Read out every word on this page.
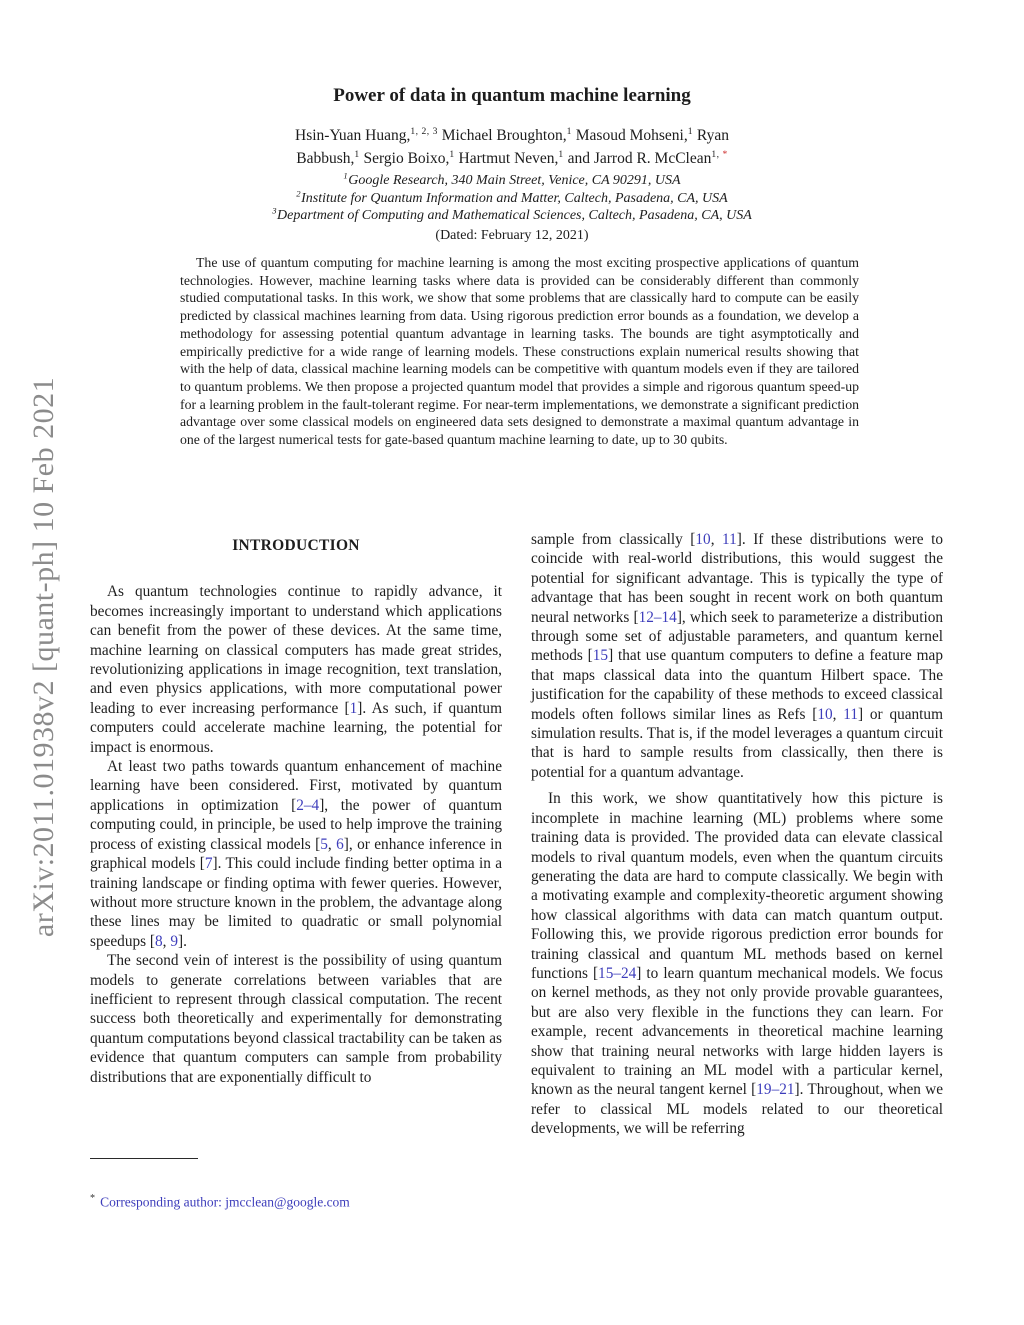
arXiv:2011.01938v2 [quant-ph] 10 Feb 2021
Power of data in quantum machine learning
Hsin-Yuan Huang,$^{1, 2, 3}$ Michael Broughton,$^1$ Masoud Mohseni,$^1$ Ryan
Babbush,$^1$ Sergio Boixo,$^1$ Hartmut Neven,$^1$ and Jarrod R. McClean$^{1, *}$
$^1$Google Research, 340 Main Street, Venice, CA 90291, USA
$^2$Institute for Quantum Information and Matter, Caltech, Pasadena, CA, USA
$^3$Department of Computing and Mathematical Sciences, Caltech, Pasadena, CA, USA
(Dated: February 12, 2021)
The use of quantum computing for machine learning is among the most exciting prospective applications of quantum technologies. However, machine learning tasks where data is provided can be considerably different than commonly studied computational tasks. In this work, we show that some problems that are classically hard to compute can be easily predicted by classical machines learning from data. Using rigorous prediction error bounds as a foundation, we develop a methodology for assessing potential quantum advantage in learning tasks. The bounds are tight asymptotically and empirically predictive for a wide range of learning models. These constructions explain numerical results showing that with the help of data, classical machine learning models can be competitive with quantum models even if they are tailored to quantum problems. We then propose a projected quantum model that provides a simple and rigorous quantum speed-up for a learning problem in the fault-tolerant regime. For near-term implementations, we demonstrate a significant prediction advantage over some classical models on engineered data sets designed to demonstrate a maximal quantum advantage in one of the largest numerical tests for gate-based quantum machine learning to date, up to 30 qubits.
INTRODUCTION

As quantum technologies continue to rapidly advance, it becomes increasingly important to understand which applications can benefit from the power of these devices. At the same time, machine learning on classical computers has made great strides, revolutionizing applications in image recognition, text translation, and even physics applications, with more computational power leading to ever increasing performance [1]. As such, if quantum computers could accelerate machine learning, the potential for impact is enormous.

At least two paths towards quantum enhancement of machine learning have been considered. First, motivated by quantum applications in optimization [2–4], the power of quantum computing could, in principle, be used to help improve the training process of existing classical models [5, 6], or enhance inference in graphical models [7]. This could include finding better optima in a training landscape or finding optima with fewer queries. However, without more structure known in the problem, the advantage along these lines may be limited to quadratic or small polynomial speedups [8, 9].

The second vein of interest is the possibility of using quantum models to generate correlations between variables that are inefficient to represent through classical computation. The recent success both theoretically and experimentally for demonstrating quantum computations beyond classical tractability can be taken as evidence that quantum computers can sample from probability distributions that are exponentially difficult to

sample from classically [10, 11]. If these distributions were to coincide with real-world distributions, this would suggest the potential for significant advantage. This is typically the type of advantage that has been sought in recent work on both quantum neural networks [12–14], which seek to parameterize a distribution through some set of adjustable parameters, and quantum kernel methods [15] that use quantum computers to define a feature map that maps classical data into the quantum Hilbert space. The justification for the capability of these methods to exceed classical models often follows similar lines as Refs [10, 11] or quantum simulation results. That is, if the model leverages a quantum circuit that is hard to sample results from classically, then there is potential for a quantum advantage.

In this work, we show quantitatively how this picture is incomplete in machine learning (ML) problems where some training data is provided. The provided data can elevate classical models to rival quantum models, even when the quantum circuits generating the data are hard to compute classically. We begin with a motivating example and complexity-theoretic argument showing how classical algorithms with data can match quantum output. Following this, we provide rigorous prediction error bounds for training classical and quantum ML methods based on kernel functions [15–24] to learn quantum mechanical models. We focus on kernel methods, as they not only provide provable guarantees, but are also very flexible in the functions they can learn. For example, recent advancements in theoretical machine learning show that training neural networks with large hidden layers is equivalent to training an ML model with a particular kernel, known as the neural tangent kernel [19–21]. Throughout, when we refer to classical ML models related to our theoretical developments, we will be referring

* Corresponding author: jmcclean@google.com
